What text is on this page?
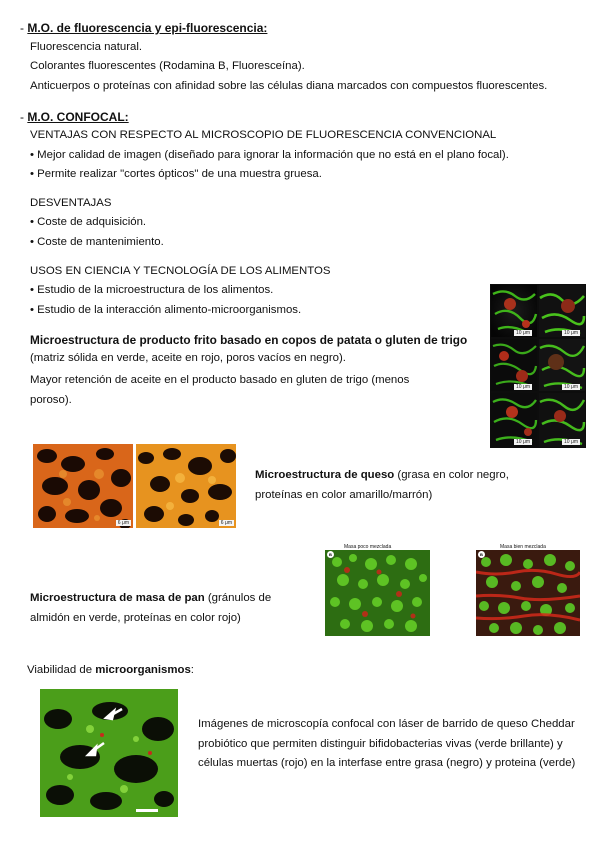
- M.O. de fluorescencia y epi-fluorescencia:
Fluorescencia natural.
Colorantes fluorescentes (Rodamina B, Fluoresceína).
Anticuerpos o proteínas con afinidad sobre las células diana marcados con compuestos fluorescentes.
- M.O. CONFOCAL:
VENTAJAS CON RESPECTO AL MICROSCOPIO DE FLUORESCENCIA CONVENCIONAL
• Mejor calidad de imagen (diseñado para ignorar la información que no está en el plano focal).
• Permite realizar "cortes ópticos" de una muestra gruesa.
DESVENTAJAS
• Coste de adquisición.
• Coste de mantenimiento.
USOS EN CIENCIA Y TECNOLOGÍA DE LOS ALIMENTOS
• Estudio de la microestructura de los alimentos.
• Estudio de la interacción alimento-microorganismos.
Microestructura de producto frito basado en copos de patata o gluten de trigo
(matriz sólida en verde, aceite en rojo, poros vacíos en negro).
Mayor retención de aceite en el producto basado en gluten de trigo (menos poroso).
10 μm	10 μm
10 μm	10 μm
10 μm	10 μm
6 μm	6 μm
Microestructura de queso (grasa en color negro, proteínas en color amarillo/marrón)
Microestructura de masa de pan (gránulos de almidón en verde, proteínas en color rojo)
Masa poco mezclada	Masa bien mezclada
B	B
Viabilidad de microorganismos:
Imágenes de microscopía confocal con láser de barrido de queso Cheddar probiótico que permiten distinguir bifidobacterias vivas (verde brillante) y células muertas (rojo) en la interfase entre grasa (negro) y proteina (verde)
